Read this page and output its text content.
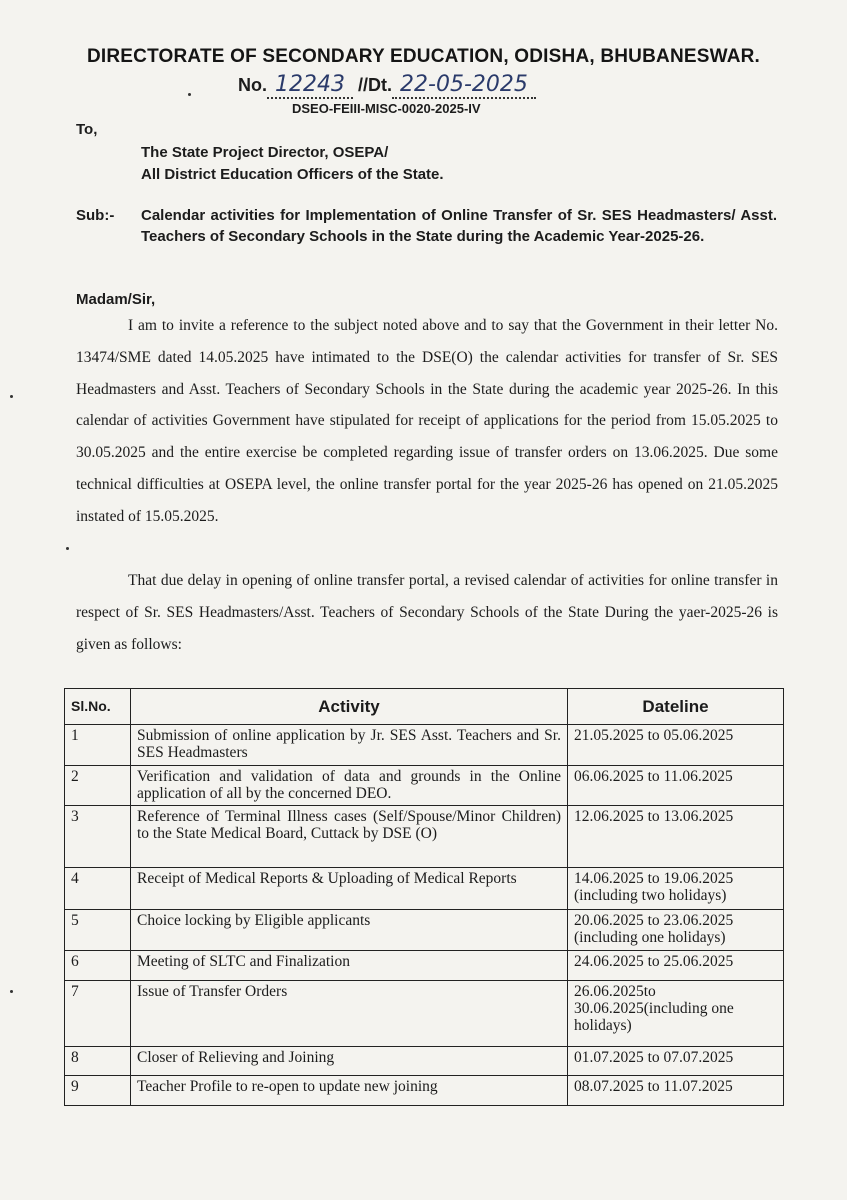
DIRECTORATE OF SECONDARY EDUCATION, ODISHA, BHUBANESWAR.
No. 12243 //Dt. 22-05-2025
DSEO-FEIII-MISC-0020-2025-IV
To,
The State Project Director, OSEPA/
All District Education Officers of the State.
Sub:- Calendar activities for Implementation of Online Transfer of Sr. SES Headmasters/ Asst. Teachers of Secondary Schools in the State during the Academic Year-2025-26.
Madam/Sir,
I am to invite a reference to the subject noted above and to say that the Government in their letter No. 13474/SME dated 14.05.2025 have intimated to the DSE(O) the calendar activities for transfer of Sr. SES Headmasters and Asst. Teachers of Secondary Schools in the State during the academic year 2025-26. In this calendar of activities Government have stipulated for receipt of applications for the period from 15.05.2025 to 30.05.2025 and the entire exercise be completed regarding issue of transfer orders on 13.06.2025. Due some technical difficulties at OSEPA level, the online transfer portal for the year 2025-26 has opened on 21.05.2025 instated of 15.05.2025.
That due delay in opening of online transfer portal, a revised calendar of activities for online transfer in respect of Sr. SES Headmasters/Asst. Teachers of Secondary Schools of the State During the yaer-2025-26 is given as follows:
Sl.No.	Activity	Dateline
1	Submission of online application by Jr. SES Asst. Teachers and Sr. SES Headmasters	21.05.2025 to 05.06.2025
2	Verification and validation of data and grounds in the Online application of all by the concerned DEO.	06.06.2025 to 11.06.2025
3	Reference of Terminal Illness cases (Self/Spouse/Minor Children) to the State Medical Board, Cuttack by DSE (O)	12.06.2025 to 13.06.2025
4	Receipt of Medical Reports & Uploading of Medical Reports	14.06.2025 to 19.06.2025 (including two holidays)
5	Choice locking by Eligible applicants	20.06.2025 to 23.06.2025 (including one holidays)
6	Meeting of SLTC and Finalization	24.06.2025 to 25.06.2025
7	Issue of Transfer Orders	26.06.2025to 30.06.2025(including one holidays)
8	Closer of Relieving and Joining	01.07.2025 to 07.07.2025
9	Teacher Profile to re-open to update new joining	08.07.2025 to 11.07.2025
